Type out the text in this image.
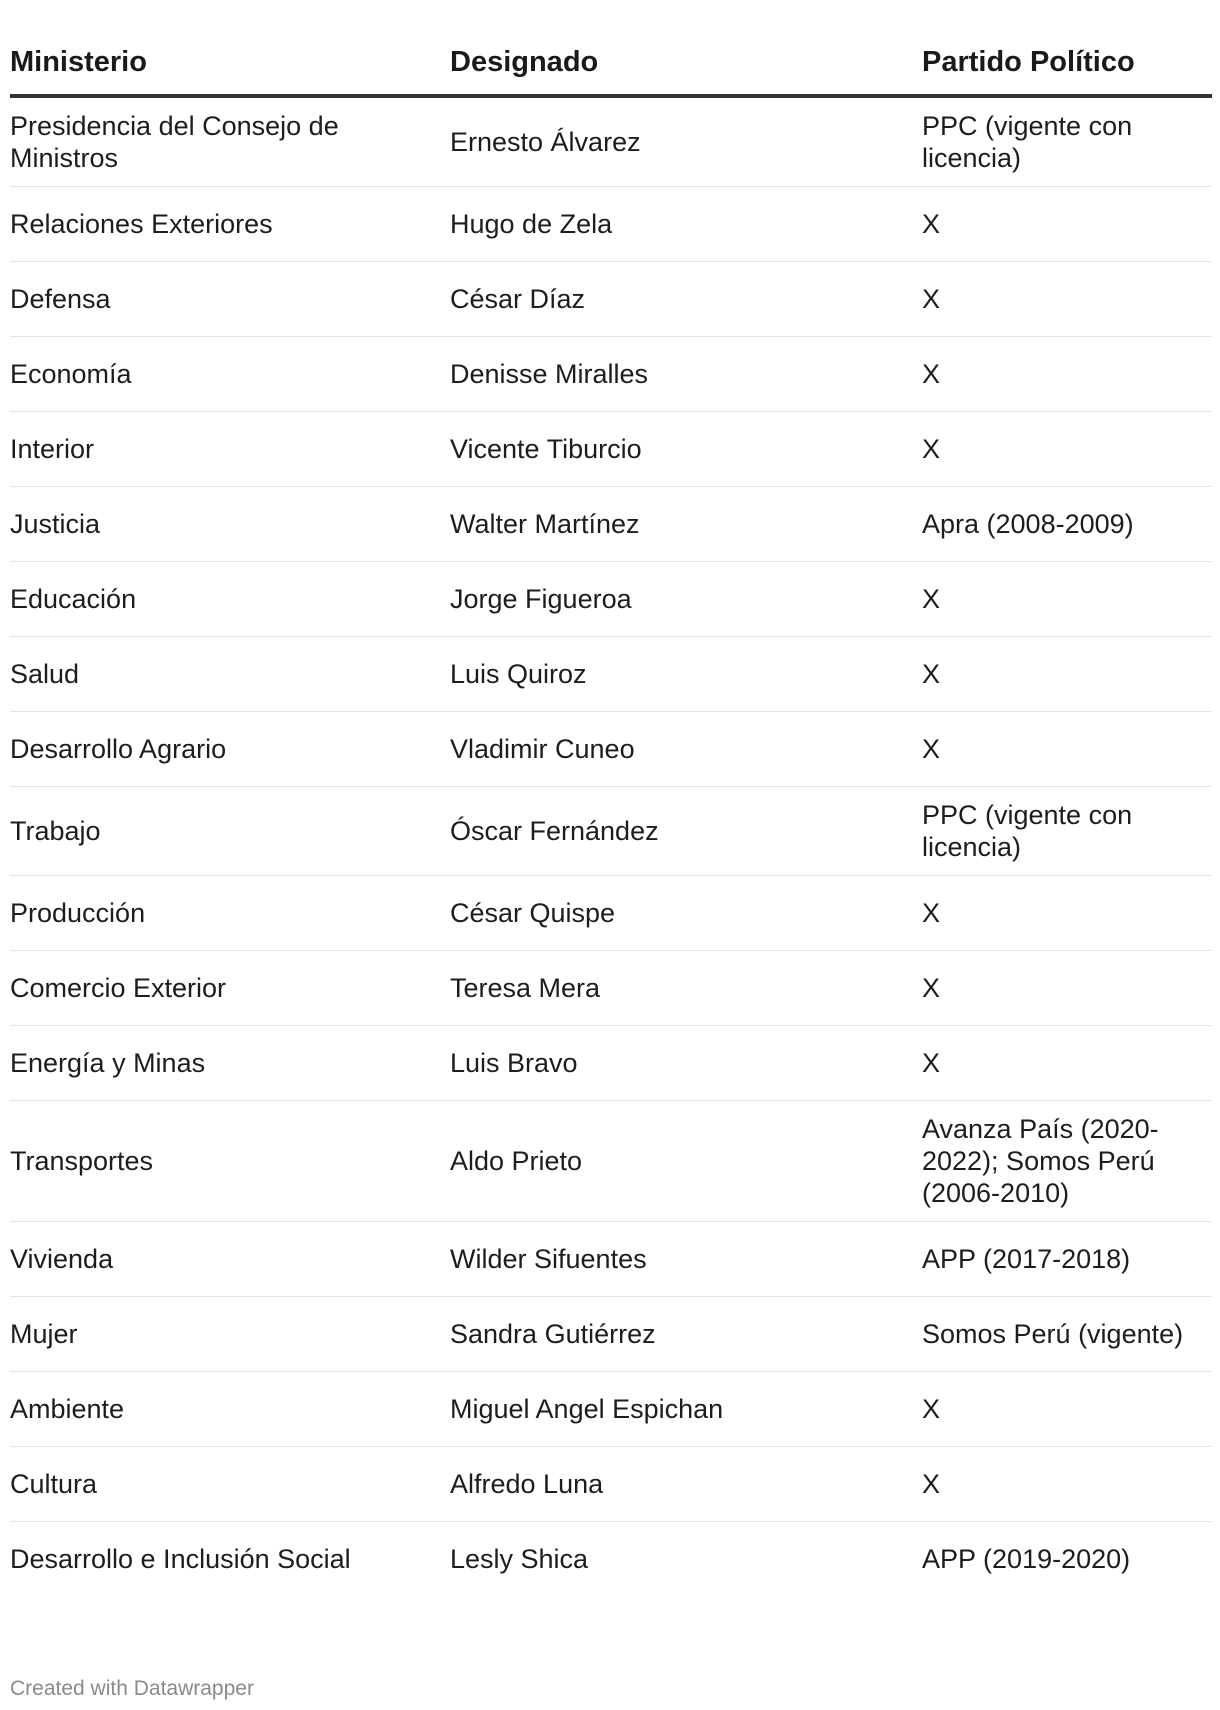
Ministerio	Designado	Partido Político
Presidencia del Consejo de Ministros	Ernesto Álvarez	PPC (vigente con licencia)
Relaciones Exteriores	Hugo de Zela	X
Defensa	César Díaz	X
Economía	Denisse Miralles	X
Interior	Vicente Tiburcio	X
Justicia	Walter Martínez	Apra (2008-2009)
Educación	Jorge Figueroa	X
Salud	Luis Quiroz	X
Desarrollo Agrario	Vladimir Cuneo	X
Trabajo	Óscar Fernández	PPC (vigente con licencia)
Producción	César Quispe	X
Comercio Exterior	Teresa Mera	X
Energía y Minas	Luis Bravo	X
Transportes	Aldo Prieto	Avanza País (2020-2022); Somos Perú (2006-2010)
Vivienda	Wilder Sifuentes	APP (2017-2018)
Mujer	Sandra Gutiérrez	Somos Perú (vigente)
Ambiente	Miguel Angel Espichan	X
Cultura	Alfredo Luna	X
Desarrollo e Inclusión Social	Lesly Shica	APP (2019-2020)
Created with Datawrapper
